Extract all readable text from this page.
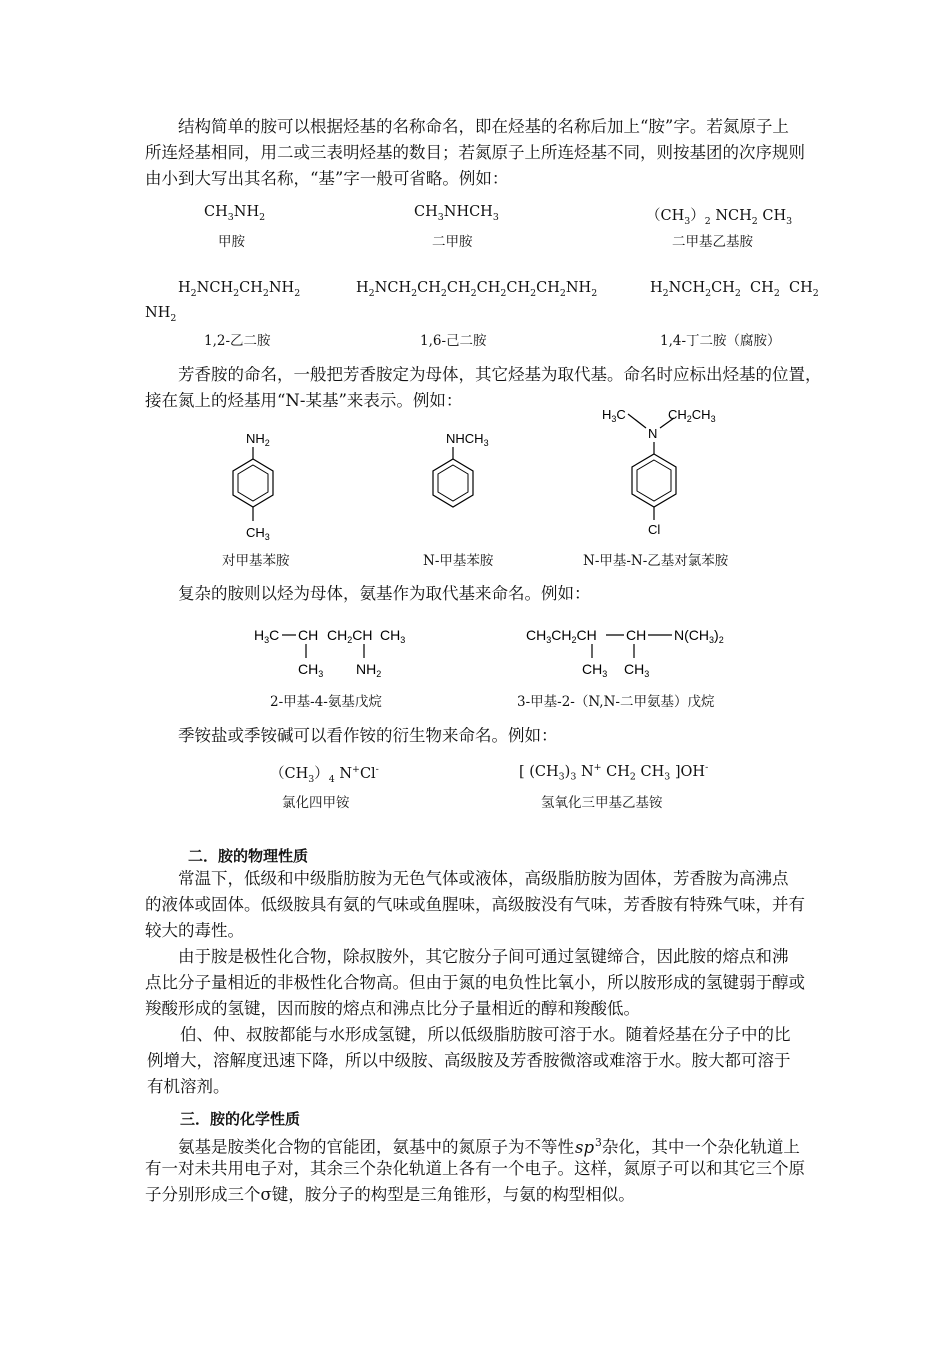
结构简单的胺可以根据烃基的名称命名，即在烃基的名称后加上“胺”字。若氮原子上
所连烃基相同，用二或三表明烃基的数目；若氮原子上所连烃基不同，则按基团的次序规则
由小到大写出其名称，“基”字一般可省略。例如：
$CH_3NH_2$	$CH_3NHCH_3$	$(CH_3)_2$ $NCH_2$ $CH_3$
甲胺	二甲胺	二甲基乙基胺
$H_2NCH_2CH_2NH_2$	$H_2NCH_2CH_2CH_2CH_2CH_2CH_2NH_2$	$H_2NCH_2CH_2$  $CH_2$  $CH_2$
$NH_2$
1,2-乙二胺	1,6-己二胺	1,4-丁二胺（腐胺）
芳香胺的命名，一般把芳香胺定为母体，其它烃基为取代基。命名时应标出烃基的位置，
接在氮上的烃基用“N-某基”来表示。例如：
$NH_2$
$CH_3$
$NHCH_3$
$H_3C$
N
$CH_2CH_3$
Cl
对甲基苯胺	N-甲基苯胺	N-甲基-N-乙基对氯苯胺
复杂的胺则以烃为母体，氨基作为取代基来命名。例如：
$H_3C$ CH $CH_2CH$ $CH_3$
$CH_3$ $NH_2$
$CH_3CH_2CH$ CH $N(CH_3)_2$
$CH_3$ $CH_3$
2-甲基-4-氨基戊烷	3-甲基-2-（N,N-二甲氨基）戊烷
季铵盐或季铵碱可以看作铵的衍生物来命名。例如：
$(CH_3)_4$ N+Cl-	[ $(CH_3)_3$ N+ $CH_2$ $CH_3$ ]OH-
氯化四甲铵	氢氧化三甲基乙基铵
二．胺的物理性质
常温下，低级和中级脂肪胺为无色气体或液体，高级脂肪胺为固体，芳香胺为高沸点
的液体或固体。低级胺具有氨的气味或鱼腥味，高级胺没有气味，芳香胺有特殊气味，并有
较大的毒性。
由于胺是极性化合物，除叔胺外，其它胺分子间可通过氢键缔合，因此胺的熔点和沸
点比分子量相近的非极性化合物高。但由于氮的电负性比氧小，所以胺形成的氢键弱于醇或
羧酸形成的氢键，因而胺的熔点和沸点比分子量相近的醇和羧酸低。
伯、仲、叔胺都能与水形成氢键，所以低级脂肪胺可溶于水。随着烃基在分子中的比
例增大，溶解度迅速下降，所以中级胺、高级胺及芳香胺微溶或难溶于水。胺大都可溶于
有机溶剂。
三．胺的化学性质
氨基是胺类化合物的官能团，氨基中的氮原子为不等性$sp^3$杂化，其中一个杂化轨道上
有一对未共用电子对，其余三个杂化轨道上各有一个电子。这样，氮原子可以和其它三个原
子分别形成三个σ键，胺分子的构型是三角锥形，与氨的构型相似。
